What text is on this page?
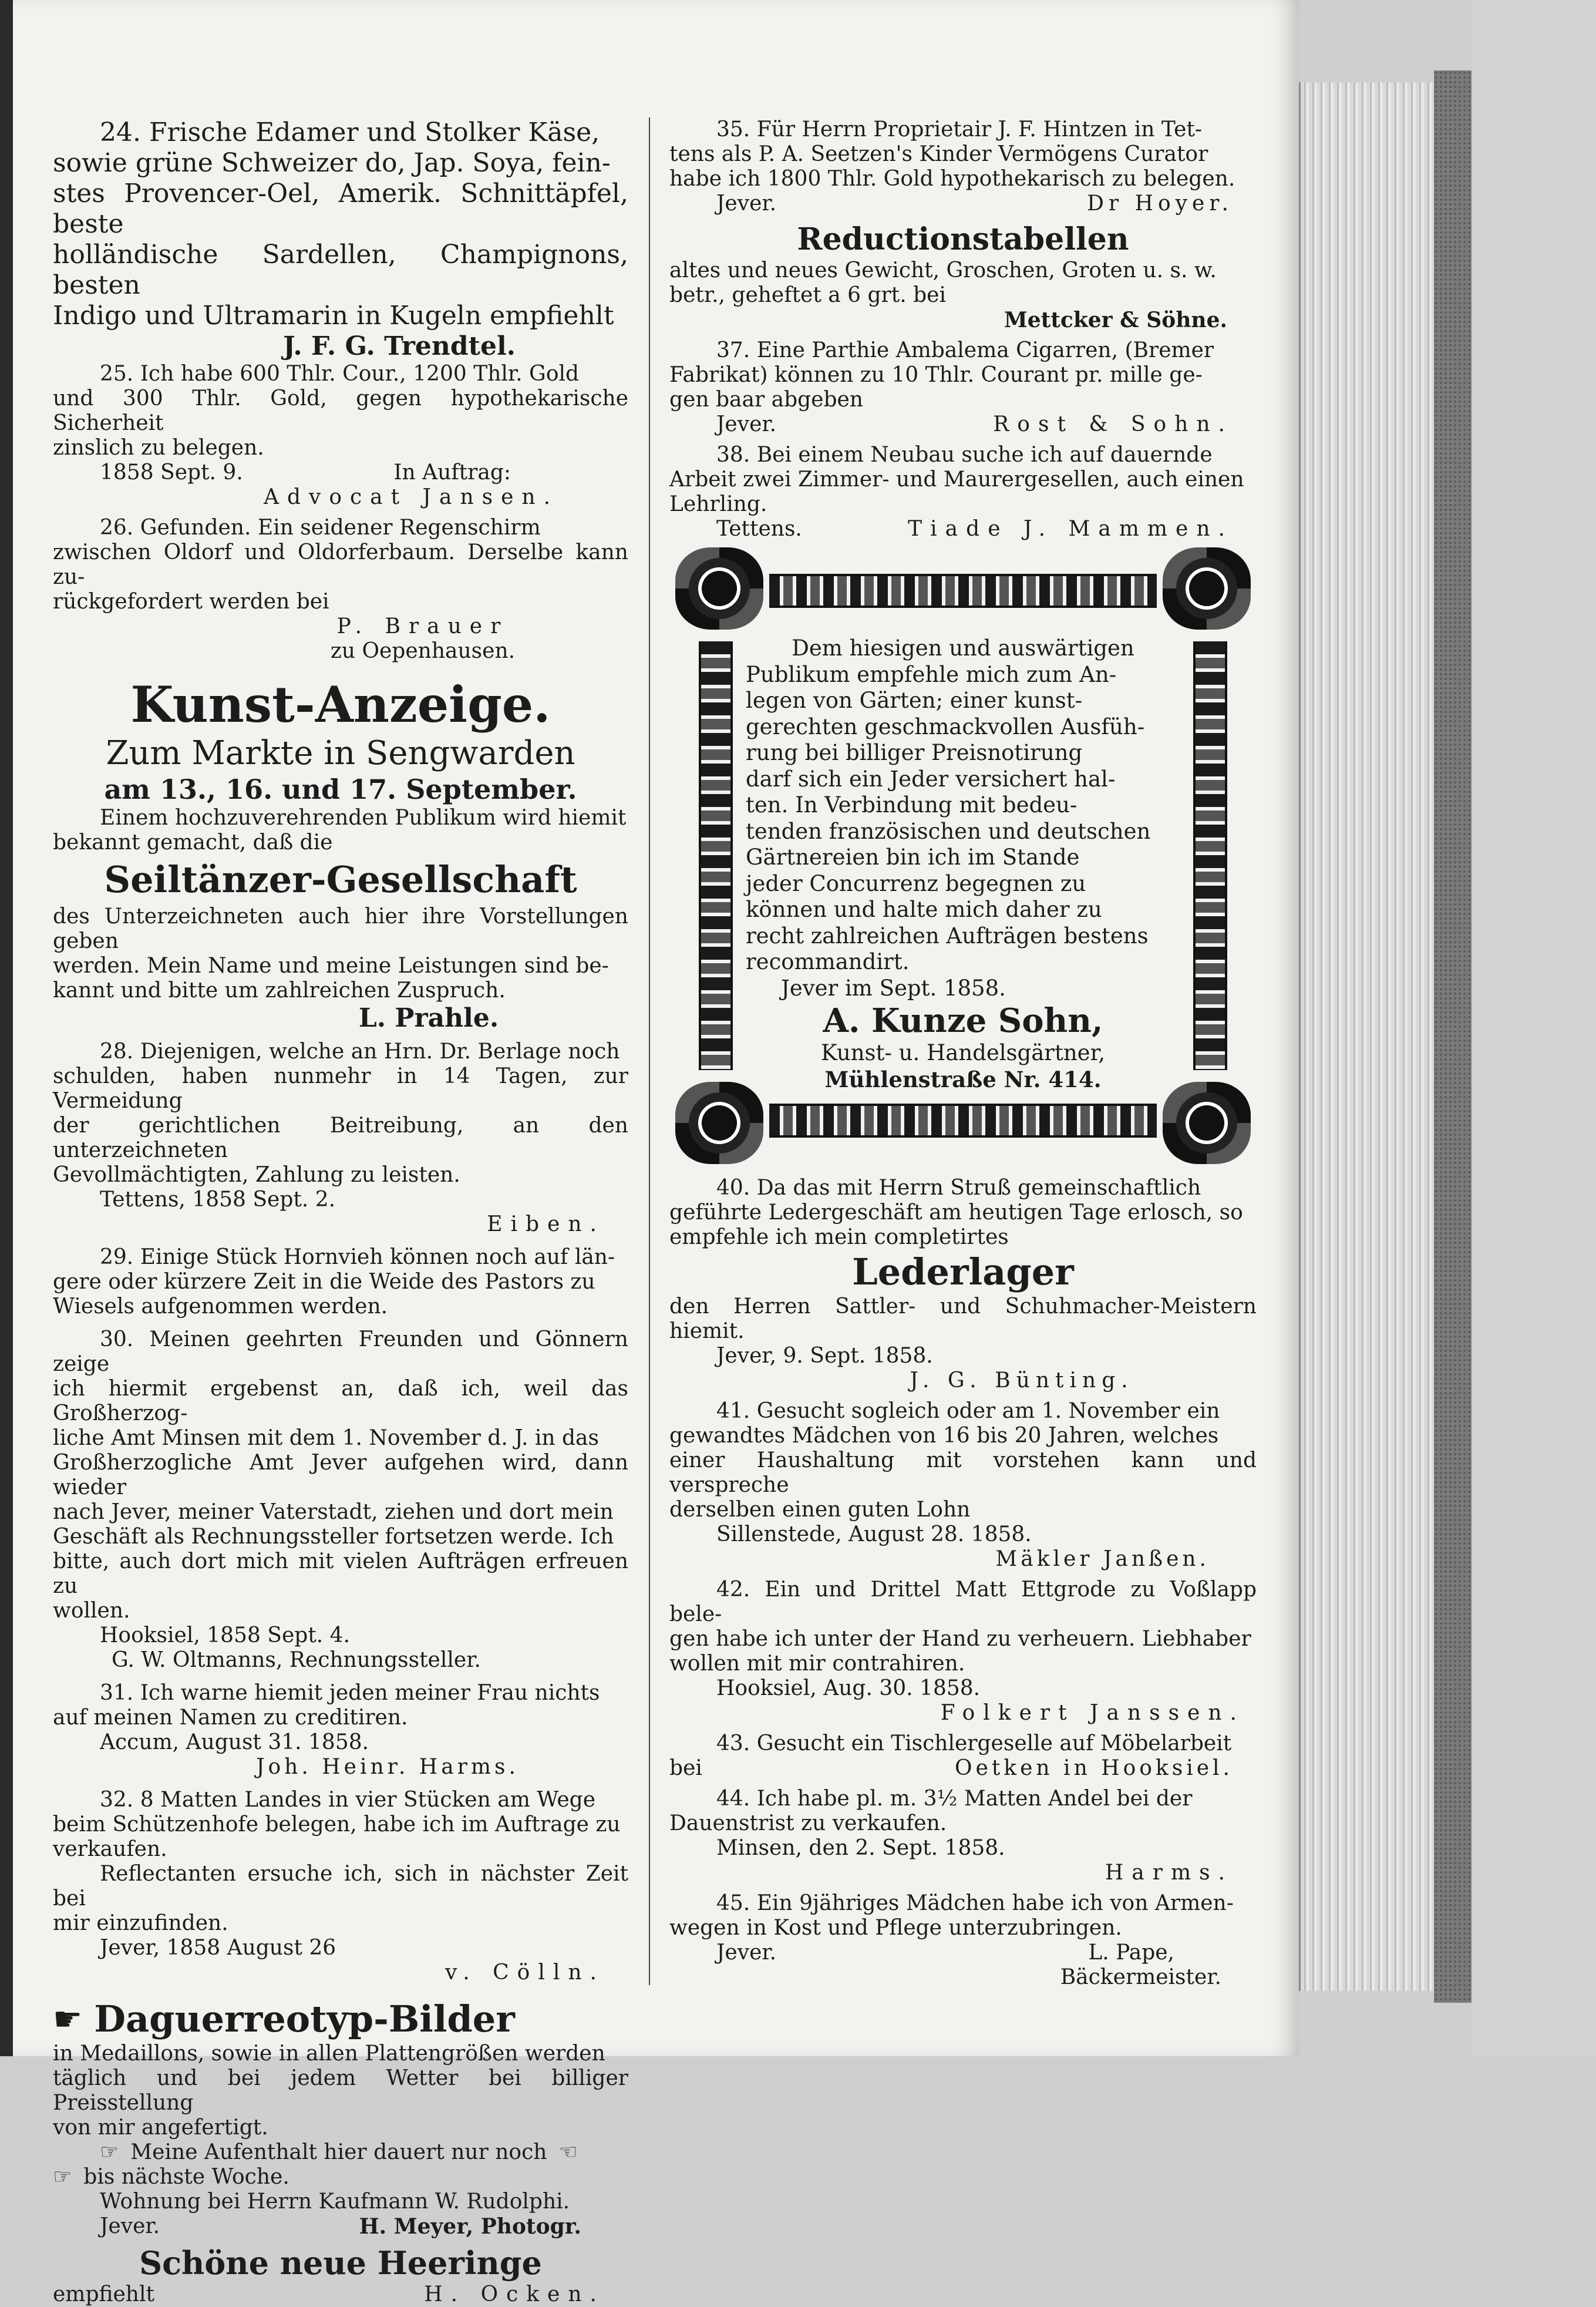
24. Frische Edamer und Stolker Käse,

sowie grüne Schweizer do, Jap. Soya, fein-

stes Provencer-Oel, Amerik. Schnittäpfel, beste

holländische Sardellen, Champignons, besten

Indigo und Ultramarin in Kugeln empfiehlt

J. F. G. Trendtel.

25. Ich habe 600 Thlr. Cour., 1200 Thlr. Gold

und 300 Thlr. Gold, gegen hypothekarische Sicherheit

zinslich zu belegen.

1858 Sept. 9.	In Auftrag:

Advocat Jansen.

26. Gefunden. Ein seidener Regenschirm

zwischen Oldorf und Oldorferbaum. Derselbe kann zu-

rückgefordert werden bei

P. Brauer

zu Oepenhausen.

Kunst-Anzeige.

Zum Markte in Sengwarden

am 13., 16. und 17. September.

Einem hochzuverehrenden Publikum wird hiemit

bekannt gemacht, daß die

Seiltänzer-Gesellschaft

des Unterzeichneten auch hier ihre Vorstellungen geben

werden. Mein Name und meine Leistungen sind be-

kannt und bitte um zahlreichen Zuspruch.

L. Prahle.

28. Diejenigen, welche an Hrn. Dr. Berlage noch

schulden, haben nunmehr in 14 Tagen, zur Vermeidung

der gerichtlichen Beitreibung, an den unterzeichneten

Gevollmächtigten, Zahlung zu leisten.

Tettens, 1858 Sept. 2.

Eiben.

29. Einige Stück Hornvieh können noch auf län-

gere oder kürzere Zeit in die Weide des Pastors zu

Wiesels aufgenommen werden.

30. Meinen geehrten Freunden und Gönnern zeige

ich hiermit ergebenst an, daß ich, weil das Großherzog-

liche Amt Minsen mit dem 1. November d. J. in das

Großherzogliche Amt Jever aufgehen wird, dann wieder

nach Jever, meiner Vaterstadt, ziehen und dort mein

Geschäft als Rechnungssteller fortsetzen werde. Ich

bitte, auch dort mich mit vielen Aufträgen erfreuen zu

wollen.

Hooksiel, 1858 Sept. 4.

G. W. Oltmanns, Rechnungssteller.

31. Ich warne hiemit jeden meiner Frau nichts

auf meinen Namen zu creditiren.

Accum, August 31. 1858.

Joh. Heinr. Harms.

32. 8 Matten Landes in vier Stücken am Wege

beim Schützenhofe belegen, habe ich im Auftrage zu

verkaufen.

Reflectanten ersuche ich, sich in nächster Zeit bei

mir einzufinden.

Jever, 1858 August 26

v. Cölln.

☛ Daguerreotyp-Bilder

in Medaillons, sowie in allen Plattengrößen werden

täglich und bei jedem Wetter bei billiger Preisstellung

von mir angefertigt.

☞ Meine Aufenthalt hier dauert nur noch ☜
☞ bis nächste Woche.

Wohnung bei Herrn Kaufmann W. Rudolphi.

Jever.	H. Meyer, Photogr.

Schöne neue Heeringe

empfiehlt	H. Ocken.

35. Für Herrn Proprietair J. F. Hintzen in Tet-

tens als P. A. Seetzen's Kinder Vermögens Curator

habe ich 1800 Thlr. Gold hypothekarisch zu belegen.

Jever.	Dr Hoyer.

Reductionstabellen

altes und neues Gewicht, Groschen, Groten u. s. w.

betr., geheftet a 6 grt. bei

Mettcker & Söhne.

37. Eine Parthie Ambalema Cigarren, (Bremer

Fabrikat) können zu 10 Thlr. Courant pr. mille ge-

gen baar abgeben

Jever.	Rost & Sohn.

38. Bei einem Neubau suche ich auf dauernde

Arbeit zwei Zimmer- und Maurergesellen, auch einen

Lehrling.

Tettens.	Tiade J. Mammen.

Dem hiesigen und auswärtigen

Publikum empfehle mich zum An-

legen von Gärten; einer kunst-

gerechten geschmackvollen Ausfüh-

rung bei billiger Preisnotirung

darf sich ein Jeder versichert hal-

ten. In Verbindung mit bedeu-

tenden französischen und deutschen

Gärtnereien bin ich im Stande

jeder Concurrenz begegnen zu

können und halte mich daher zu

recht zahlreichen Aufträgen bestens

recommandirt.

Jever im Sept. 1858.

A. Kunze Sohn,

Kunst- u. Handelsgärtner,

Mühlenstraße Nr. 414.

40. Da das mit Herrn Struß gemeinschaftlich

geführte Ledergeschäft am heutigen Tage erlosch, so

empfehle ich mein completirtes

Lederlager

den Herren Sattler- und Schuhmacher-Meistern hiemit.

Jever, 9. Sept. 1858.

J. G. Bünting.

41. Gesucht sogleich oder am 1. November ein

gewandtes Mädchen von 16 bis 20 Jahren, welches

einer Haushaltung mit vorstehen kann und verspreche

derselben einen guten Lohn

Sillenstede, August 28. 1858.

Mäkler Janßen.

42. Ein und Drittel Matt Ettgrode zu Voßlapp bele-

gen habe ich unter der Hand zu verheuern. Liebhaber

wollen mit mir contrahiren.

Hooksiel, Aug. 30. 1858.

Folkert Janssen.

43. Gesucht ein Tischlergeselle auf Möbelarbeit

bei	Oetken in Hooksiel.

44. Ich habe pl. m. 3½ Matten Andel bei der

Dauenstrist zu verkaufen.

Minsen, den 2. Sept. 1858.

Harms.

45. Ein 9jähriges Mädchen habe ich von Armen-

wegen in Kost und Pflege unterzubringen.

Jever.	L. Pape,

Bäckermeister.
